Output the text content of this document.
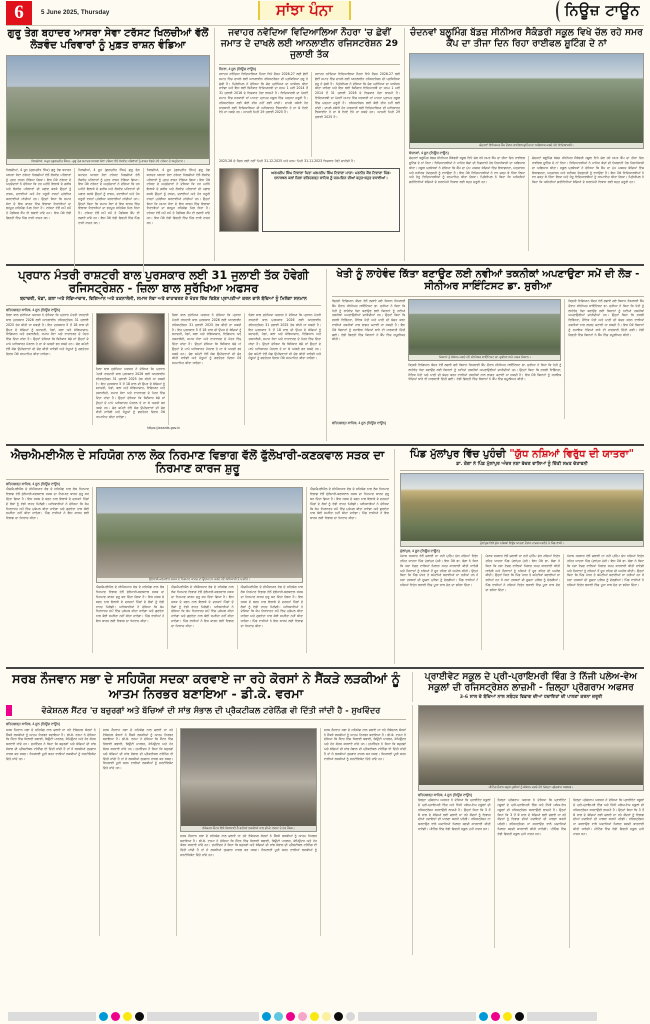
6	5 June 2025, Thursday	ਸਾਂਝਾ ਪੰਨਾ	ਨਿਊਜ਼ ਟਾਊਨ
ਗੁਰੂ ਤੇਗ ਬਹਾਦਰ ਆਸਰਾ ਸੇਵਾ ਟਰੱਸਟ ਖਿਲਚੀਆਂ ਵੱਲੋਂ ਲੋੜਵੰਦ ਪਰਿਵਾਰਾਂ ਨੂੰ ਮੁਫ਼ਤ ਰਾਸ਼ਨ ਵੰਡਿਆ
ਖਿਲਚੀਆਂ, 4 ਜੂਨ (ਗੁਰਪ੍ਰੀਤ ਸਿੰਘ) - ਗੁਰੂ ਤੇਗ ਬਹਾਦਰ ਆਸਰਾ ਸੇਵਾ ਟਰੱਸਟ ਵੱਲੋਂ ਲੋੜਵੰਦ ਪਰਿਵਾਰਾਂ ਨੂੰ ਰਾਸ਼ਨ ਵੰਡਦੇ ਹੋਏ ਟਰੱਸਟ ਦੇ ਅਹੁਦੇਦਾਰ।
ਖਿਲਚੀਆਂ, 4 ਜੂਨ (ਗੁਰਪ੍ਰੀਤ ਸਿੰਘ) ਗੁਰੂ ਤੇਗ ਬਹਾਦਰ ਆਸਰਾ ਸੇਵਾ ਟਰੱਸਟ ਖਿਲਚੀਆਂ ਵੱਲੋਂ ਲੋੜਵੰਦ ਪਰਿਵਾਰਾਂ ਨੂੰ ਮੁਫ਼ਤ ਰਾਸ਼ਨ ਵੰਡਿਆ ਗਿਆ। ਇਸ ਮੌਕੇ ਟਰੱਸਟ ਦੇ ਅਹੁਦੇਦਾਰਾਂ ਨੇ ਦੱਸਿਆ ਕਿ ਹਰ ਮਹੀਨੇ ਇਲਾਕੇ ਦੇ ਗਰੀਬ ਅਤੇ ਲੋੜਵੰਦ ਪਰਿਵਾਰਾਂ ਦੀ ਪਛਾਣ ਕਰਕੇ ਉਨ੍ਹਾਂ ਨੂੰ ਰਾਸ਼ਨ, ਦਵਾਈਆਂ ਅਤੇ ਹੋਰ ਜਰੂਰੀ ਵਸਤਾਂ ਮੁਹੱਈਆ ਕਰਵਾਈਆਂ ਜਾਂਦੀਆਂ ਹਨ। ਉਨ੍ਹਾਂ ਕਿਹਾ ਕਿ ਸਮਾਜ ਸੇਵਾ ਦੇ ਇਸ ਕਾਰਜ ਵਿੱਚ ਇਲਾਕਾ ਨਿਵਾਸੀਆਂ ਦਾ ਭਰਪੂਰ ਸਹਿਯੋਗ ਮਿਲ ਰਿਹਾ ਹੈ। ਟਰੱਸਟ ਵੱਲੋਂ ਸਮੇਂ ਸਮੇਂ ਤੇ ਮੈਡੀਕਲ ਕੈਂਪ ਵੀ ਲਗਾਏ ਜਾਂਦੇ ਹਨ। ਇਸ ਮੌਕੇ ਵੱਡੀ ਗਿਣਤੀ ਵਿੱਚ ਪਿੰਡ ਵਾਸੀ ਹਾਜ਼ਰ ਸਨ।
ਖਿਲਚੀਆਂ, 4 ਜੂਨ (ਗੁਰਪ੍ਰੀਤ ਸਿੰਘ) ਗੁਰੂ ਤੇਗ ਬਹਾਦਰ ਆਸਰਾ ਸੇਵਾ ਟਰੱਸਟ ਖਿਲਚੀਆਂ ਵੱਲੋਂ ਲੋੜਵੰਦ ਪਰਿਵਾਰਾਂ ਨੂੰ ਮੁਫ਼ਤ ਰਾਸ਼ਨ ਵੰਡਿਆ ਗਿਆ। ਇਸ ਮੌਕੇ ਟਰੱਸਟ ਦੇ ਅਹੁਦੇਦਾਰਾਂ ਨੇ ਦੱਸਿਆ ਕਿ ਹਰ ਮਹੀਨੇ ਇਲਾਕੇ ਦੇ ਗਰੀਬ ਅਤੇ ਲੋੜਵੰਦ ਪਰਿਵਾਰਾਂ ਦੀ ਪਛਾਣ ਕਰਕੇ ਉਨ੍ਹਾਂ ਨੂੰ ਰਾਸ਼ਨ, ਦਵਾਈਆਂ ਅਤੇ ਹੋਰ ਜਰੂਰੀ ਵਸਤਾਂ ਮੁਹੱਈਆ ਕਰਵਾਈਆਂ ਜਾਂਦੀਆਂ ਹਨ। ਉਨ੍ਹਾਂ ਕਿਹਾ ਕਿ ਸਮਾਜ ਸੇਵਾ ਦੇ ਇਸ ਕਾਰਜ ਵਿੱਚ ਇਲਾਕਾ ਨਿਵਾਸੀਆਂ ਦਾ ਭਰਪੂਰ ਸਹਿਯੋਗ ਮਿਲ ਰਿਹਾ ਹੈ। ਟਰੱਸਟ ਵੱਲੋਂ ਸਮੇਂ ਸਮੇਂ ਤੇ ਮੈਡੀਕਲ ਕੈਂਪ ਵੀ ਲਗਾਏ ਜਾਂਦੇ ਹਨ। ਇਸ ਮੌਕੇ ਵੱਡੀ ਗਿਣਤੀ ਵਿੱਚ ਪਿੰਡ ਵਾਸੀ ਹਾਜ਼ਰ ਸਨ।
ਖਿਲਚੀਆਂ, 4 ਜੂਨ (ਗੁਰਪ੍ਰੀਤ ਸਿੰਘ) ਗੁਰੂ ਤੇਗ ਬਹਾਦਰ ਆਸਰਾ ਸੇਵਾ ਟਰੱਸਟ ਖਿਲਚੀਆਂ ਵੱਲੋਂ ਲੋੜਵੰਦ ਪਰਿਵਾਰਾਂ ਨੂੰ ਮੁਫ਼ਤ ਰਾਸ਼ਨ ਵੰਡਿਆ ਗਿਆ। ਇਸ ਮੌਕੇ ਟਰੱਸਟ ਦੇ ਅਹੁਦੇਦਾਰਾਂ ਨੇ ਦੱਸਿਆ ਕਿ ਹਰ ਮਹੀਨੇ ਇਲਾਕੇ ਦੇ ਗਰੀਬ ਅਤੇ ਲੋੜਵੰਦ ਪਰਿਵਾਰਾਂ ਦੀ ਪਛਾਣ ਕਰਕੇ ਉਨ੍ਹਾਂ ਨੂੰ ਰਾਸ਼ਨ, ਦਵਾਈਆਂ ਅਤੇ ਹੋਰ ਜਰੂਰੀ ਵਸਤਾਂ ਮੁਹੱਈਆ ਕਰਵਾਈਆਂ ਜਾਂਦੀਆਂ ਹਨ। ਉਨ੍ਹਾਂ ਕਿਹਾ ਕਿ ਸਮਾਜ ਸੇਵਾ ਦੇ ਇਸ ਕਾਰਜ ਵਿੱਚ ਇਲਾਕਾ ਨਿਵਾਸੀਆਂ ਦਾ ਭਰਪੂਰ ਸਹਿਯੋਗ ਮਿਲ ਰਿਹਾ ਹੈ। ਟਰੱਸਟ ਵੱਲੋਂ ਸਮੇਂ ਸਮੇਂ ਤੇ ਮੈਡੀਕਲ ਕੈਂਪ ਵੀ ਲਗਾਏ ਜਾਂਦੇ ਹਨ। ਇਸ ਮੌਕੇ ਵੱਡੀ ਗਿਣਤੀ ਵਿੱਚ ਪਿੰਡ ਵਾਸੀ ਹਾਜ਼ਰ ਸਨ।
ਜਵਾਹਰ ਨਵੋਦਿਆ ਵਿਦਿਆਲਿਆ ਨੌਹਰਾ 'ਚ ਛੇਵੀਂ ਜਮਾਤ ਦੇ ਦਾਖਲੇ ਲਈ ਆਨਲਾਈਨ ਰਜਿਸਟਰੇਸ਼ਨ 29 ਜੁਲਾਈ ਤੱਕ
ਨੌਹਰਾ, 4 ਜੂਨ (ਨਿਊਜ਼ ਟਾਊਨ)
ਜਵਾਹਰ ਨਵੋਦਿਆ ਵਿਦਿਆਲਿਆ ਨੌਹਰਾ ਵਿਖੇ ਸੈਸ਼ਨ 2026-27 ਲਈ ਛੇਵੀਂ ਜਮਾਤ ਵਿੱਚ ਦਾਖਲੇ ਲਈ ਆਨਲਾਈਨ ਰਜਿਸਟਰੇਸ਼ਨ ਦੀ ਪ੍ਰਕਿਰਿਆ ਸ਼ੁਰੂ ਹੋ ਚੁੱਕੀ ਹੈ। ਪ੍ਰਿੰਸੀਪਲ ਨੇ ਦੱਸਿਆ ਕਿ ਚੋਣ ਪ੍ਰੀਖਿਆ ਦਾ ਆਯੋਜਨ ਕੀਤਾ ਜਾਵੇਗਾ ਅਤੇ ਇਸ ਲਈ ਬਿਨੈਕਾਰ ਵਿਦਿਆਰਥੀ ਦਾ ਜਨਮ 1 ਮਈ 2014 ਤੋਂ 31 ਜੁਲਾਈ 2016 ਦੇ ਵਿਚਕਾਰ ਹੋਣਾ ਲਾਜ਼ਮੀ ਹੈ। ਵਿਦਿਆਰਥੀ ਦਾ ਪੰਜਵੀਂ ਜਮਾਤ ਵਿੱਚ ਸਰਕਾਰੀ ਜਾਂ ਮਾਨਤਾ ਪ੍ਰਾਪਤ ਸਕੂਲ ਵਿੱਚ ਪੜ੍ਹਨਾ ਜ਼ਰੂਰੀ ਹੈ। ਰਜਿਸਟਰੇਸ਼ਨ ਲਈ ਕੋਈ ਫੀਸ ਨਹੀਂ ਲਈ ਜਾਂਦੀ। ਦਾਖਲੇ ਸਬੰਧੀ ਹੋਰ ਜਾਣਕਾਰੀ ਲਈ ਵਿਦਿਆਲਿਆ ਦੀ ਅਧਿਕਾਰਤ ਵੈੱਬਸਾਈਟ ਤੇ ਜਾ ਕੇ ਵੇਰਵੇ ਵੇਖੇ ਜਾ ਸਕਦੇ ਹਨ। ਆਖ਼ਰੀ ਮਿਤੀ 29 ਜੁਲਾਈ 2025 ਹੈ।
ਜਵਾਹਰ ਨਵੋਦਿਆ ਵਿਦਿਆਲਿਆ ਨੌਹਰਾ ਵਿਖੇ ਸੈਸ਼ਨ 2026-27 ਲਈ ਛੇਵੀਂ ਜਮਾਤ ਵਿੱਚ ਦਾਖਲੇ ਲਈ ਆਨਲਾਈਨ ਰਜਿਸਟਰੇਸ਼ਨ ਦੀ ਪ੍ਰਕਿਰਿਆ ਸ਼ੁਰੂ ਹੋ ਚੁੱਕੀ ਹੈ। ਪ੍ਰਿੰਸੀਪਲ ਨੇ ਦੱਸਿਆ ਕਿ ਚੋਣ ਪ੍ਰੀਖਿਆ ਦਾ ਆਯੋਜਨ ਕੀਤਾ ਜਾਵੇਗਾ ਅਤੇ ਇਸ ਲਈ ਬਿਨੈਕਾਰ ਵਿਦਿਆਰਥੀ ਦਾ ਜਨਮ 1 ਮਈ 2014 ਤੋਂ 31 ਜੁਲਾਈ 2016 ਦੇ ਵਿਚਕਾਰ ਹੋਣਾ ਲਾਜ਼ਮੀ ਹੈ। ਵਿਦਿਆਰਥੀ ਦਾ ਪੰਜਵੀਂ ਜਮਾਤ ਵਿੱਚ ਸਰਕਾਰੀ ਜਾਂ ਮਾਨਤਾ ਪ੍ਰਾਪਤ ਸਕੂਲ ਵਿੱਚ ਪੜ੍ਹਨਾ ਜ਼ਰੂਰੀ ਹੈ। ਰਜਿਸਟਰੇਸ਼ਨ ਲਈ ਕੋਈ ਫੀਸ ਨਹੀਂ ਲਈ ਜਾਂਦੀ। ਦਾਖਲੇ ਸਬੰਧੀ ਹੋਰ ਜਾਣਕਾਰੀ ਲਈ ਵਿਦਿਆਲਿਆ ਦੀ ਅਧਿਕਾਰਤ ਵੈੱਬਸਾਈਟ ਤੇ ਜਾ ਕੇ ਵੇਰਵੇ ਵੇਖੇ ਜਾ ਸਕਦੇ ਹਨ। ਆਖ਼ਰੀ ਮਿਤੀ 29 ਜੁਲਾਈ 2025 ਹੈ।
2025-26 ਦੇ ਸੈਸ਼ਨ ਲਈ ਨਵੀਂ ਮਿਤੀ 31.12.2025 ਅਤੇ ਜਨਮ ਮਿਤੀ 31.11.2023 ਵਿਚਕਾਰ ਹੋਣੀ ਚਾਹੀਦੀ ਹੈ।
ਅਰਮਦੀਪ ਸਿੰਘ ਟਿਵਾਣਾ ਪਿਤਾ ਪਰਮਦੀਪ ਸਿੰਘ ਟਿਵਾਣਾ ਮਾਤਾ: ਪਰਨੀਤ ਕੌਰ ਟਿਵਾਣਾ ਪਿੰਡ: ਚਨਾਰਥਲ ਕਲਾਂ ਜ਼ਿਲਾ ਫਤਿਹਗੜ੍ਹ ਸਾਹਿਬ ਨੂੰ ਜਨਮਦਿਨ ਦੀਆਂ ਬਹੁਤ-ਬਹੁਤ ਵਧਾਈਆਂ।
ਚੰਦਨਵਾਂ ਬਲੂਮਿੰਗ ਬੱਡਜ਼ ਸੀਨੀਅਰ ਸੈਕੰਡਰੀ ਸਕੂਲ ਵਿਖੇ ਚੱਲ ਰਹੇ ਸਮਰ ਕੈਂਪ ਦਾ ਤੀਜਾ ਦਿਨ ਰਿਹਾ ਰਾਈਫਲ ਸ਼ੂਟਿੰਗ ਦੇ ਨਾਂ
ਚੰਦਨਵਾਂ ਵਿਖੇ ਸਮਰ ਕੈਂਪ ਦੌਰਾਨ ਰਾਈਫਲ ਸ਼ੂਟਿੰਗ ਦਾ ਅਭਿਆਸ ਕਰਦੇ ਹੋਏ ਵਿਦਿਆਰਥੀ।
ਚੰਦਨਵਾਂ, 4 ਜੂਨ (ਨਿਊਜ਼ ਟਾਊਨ)
ਚੰਦਨਵਾਂ ਬਲੂਮਿੰਗ ਬੱਡਜ਼ ਸੀਨੀਅਰ ਸੈਕੰਡਰੀ ਸਕੂਲ ਵਿਖੇ ਚੱਲ ਰਹੇ ਸਮਰ ਕੈਂਪ ਦਾ ਤੀਜਾ ਦਿਨ ਰਾਈਫਲ ਸ਼ੂਟਿੰਗ ਦੇ ਨਾਂ ਰਿਹਾ। ਵਿਦਿਆਰਥੀਆਂ ਨੇ ਮਾਹਿਰ ਕੋਚਾਂ ਦੀ ਨਿਗਰਾਨੀ ਹੇਠ ਨਿਸ਼ਾਨੇਬਾਜ਼ੀ ਦਾ ਅਭਿਆਸ ਕੀਤਾ। ਸਕੂਲ ਪ੍ਰਬੰਧਕਾਂ ਨੇ ਦੱਸਿਆ ਕਿ ਕੈਂਪ ਦਾ ਮੁੱਖ ਮਕਸਦ ਬੱਚਿਆਂ ਵਿੱਚ ਇਕਾਗਰਤਾ, ਅਨੁਸ਼ਾਸਨ ਅਤੇ ਸਰੀਰਕ ਤੰਦਰੁਸਤੀ ਨੂੰ ਵਧਾਉਣਾ ਹੈ। ਇਸ ਮੌਕੇ ਵਿਦਿਆਰਥੀਆਂ ਨੇ ਵਧ ਚੜ੍ਹ ਕੇ ਹਿੱਸਾ ਲਿਆ ਅਤੇ ਜੇਤੂ ਵਿਦਿਆਰਥੀਆਂ ਨੂੰ ਸਨਮਾਨਿਤ ਕੀਤਾ ਗਿਆ। ਪ੍ਰਿੰਸੀਪਲ ਨੇ ਕਿਹਾ ਕਿ ਅਜਿਹੀਆਂ ਗਤੀਵਿਧੀਆਂ ਬੱਚਿਆਂ ਦੇ ਸਰਵਪੱਖੀ ਵਿਕਾਸ ਲਈ ਬਹੁਤ ਜ਼ਰੂਰੀ ਹਨ।
ਚੰਦਨਵਾਂ ਬਲੂਮਿੰਗ ਬੱਡਜ਼ ਸੀਨੀਅਰ ਸੈਕੰਡਰੀ ਸਕੂਲ ਵਿਖੇ ਚੱਲ ਰਹੇ ਸਮਰ ਕੈਂਪ ਦਾ ਤੀਜਾ ਦਿਨ ਰਾਈਫਲ ਸ਼ੂਟਿੰਗ ਦੇ ਨਾਂ ਰਿਹਾ। ਵਿਦਿਆਰਥੀਆਂ ਨੇ ਮਾਹਿਰ ਕੋਚਾਂ ਦੀ ਨਿਗਰਾਨੀ ਹੇਠ ਨਿਸ਼ਾਨੇਬਾਜ਼ੀ ਦਾ ਅਭਿਆਸ ਕੀਤਾ। ਸਕੂਲ ਪ੍ਰਬੰਧਕਾਂ ਨੇ ਦੱਸਿਆ ਕਿ ਕੈਂਪ ਦਾ ਮੁੱਖ ਮਕਸਦ ਬੱਚਿਆਂ ਵਿੱਚ ਇਕਾਗਰਤਾ, ਅਨੁਸ਼ਾਸਨ ਅਤੇ ਸਰੀਰਕ ਤੰਦਰੁਸਤੀ ਨੂੰ ਵਧਾਉਣਾ ਹੈ। ਇਸ ਮੌਕੇ ਵਿਦਿਆਰਥੀਆਂ ਨੇ ਵਧ ਚੜ੍ਹ ਕੇ ਹਿੱਸਾ ਲਿਆ ਅਤੇ ਜੇਤੂ ਵਿਦਿਆਰਥੀਆਂ ਨੂੰ ਸਨਮਾਨਿਤ ਕੀਤਾ ਗਿਆ। ਪ੍ਰਿੰਸੀਪਲ ਨੇ ਕਿਹਾ ਕਿ ਅਜਿਹੀਆਂ ਗਤੀਵਿਧੀਆਂ ਬੱਚਿਆਂ ਦੇ ਸਰਵਪੱਖੀ ਵਿਕਾਸ ਲਈ ਬਹੁਤ ਜ਼ਰੂਰੀ ਹਨ।
ਪ੍ਰਧਾਨ ਮੰਤਰੀ ਰਾਸ਼ਟਰੀ ਬਾਲ ਪੁਰਸਕਾਰ ਲਈ 31 ਜੁਲਾਈ ਤੱਕ ਹੋਵੇਗੀ ਰਜਿਸਟ੍ਰੇਸ਼ਨ - ਜ਼ਿਲਾ ਬਾਲ ਸੁਰੱਖਿਆ ਅਫਸਰ
ਬਹਾਦਰੀ, ਖੇਡਾਂ, ਕਲਾ ਅਤੇ ਸੱਭਿਆਚਾਰ, ਵਿਗਿਆਨ ਅਤੇ ਤਕਨਾਲੋਜੀ, ਸਮਾਜ ਸੇਵਾ ਅਤੇ ਵਾਤਾਵਰਣ ਦੇ ਖੇਤਰ ਵਿੱਚ ਵਿਸ਼ੇਸ਼ ਪ੍ਰਾਪਤੀਆਂ ਕਰਨ ਵਾਲੇ ਬੱਚਿਆਂ ਨੂੰ ਮਿਲੇਗਾ ਸਨਮਾਨ
ਫਤਿਹਗੜ੍ਹ ਸਾਹਿਬ, 4 ਜੂਨ (ਨਿਊਜ਼ ਟਾਊਨ)
ਜ਼ਿਲਾ ਬਾਲ ਸੁਰੱਖਿਆ ਅਫਸਰ ਨੇ ਦੱਸਿਆ ਕਿ ਪ੍ਰਧਾਨ ਮੰਤਰੀ ਰਾਸ਼ਟਰੀ ਬਾਲ ਪੁਰਸਕਾਰ 2026 ਲਈ ਆਨਲਾਈਨ ਰਜਿਸਟ੍ਰੇਸ਼ਨ 31 ਜੁਲਾਈ 2025 ਤੱਕ ਕੀਤੀ ਜਾ ਸਕਦੀ ਹੈ। ਇਹ ਪੁਰਸਕਾਰ 5 ਤੋਂ 18 ਸਾਲ ਦੀ ਉਮਰ ਦੇ ਬੱਚਿਆਂ ਨੂੰ ਬਹਾਦਰੀ, ਖੇਡਾਂ, ਕਲਾ ਅਤੇ ਸੱਭਿਆਚਾਰ, ਵਿਗਿਆਨ ਅਤੇ ਤਕਨਾਲੋਜੀ, ਸਮਾਜ ਸੇਵਾ ਅਤੇ ਵਾਤਾਵਰਣ ਦੇ ਖੇਤਰ ਵਿੱਚ ਦਿੱਤਾ ਜਾਂਦਾ ਹੈ। ਉਨ੍ਹਾਂ ਦੱਸਿਆ ਕਿ ਬਿਨੈਕਾਰ ਬੱਚੇ ਜਾਂ ਉਨ੍ਹਾਂ ਦੇ ਮਾਪੇ ਅਧਿਕਾਰਤ ਪੋਰਟਲ ਤੇ ਜਾ ਕੇ ਅਰਜ਼ੀ ਭਰ ਸਕਦੇ ਹਨ। ਚੋਣ ਕਮੇਟੀ ਵੱਲੋਂ ਯੋਗ ਉਮੀਦਵਾਰਾਂ ਦੀ ਚੋਣ ਕੀਤੀ ਜਾਵੇਗੀ ਅਤੇ ਜੇਤੂਆਂ ਨੂੰ ਗਣਤੰਤਰ ਦਿਵਸ ਮੌਕੇ ਸਨਮਾਨਿਤ ਕੀਤਾ ਜਾਵੇਗਾ।
ਜ਼ਿਲਾ ਬਾਲ ਸੁਰੱਖਿਆ ਅਫਸਰ ਨੇ ਦੱਸਿਆ ਕਿ ਪ੍ਰਧਾਨ ਮੰਤਰੀ ਰਾਸ਼ਟਰੀ ਬਾਲ ਪੁਰਸਕਾਰ 2026 ਲਈ ਆਨਲਾਈਨ ਰਜਿਸਟ੍ਰੇਸ਼ਨ 31 ਜੁਲਾਈ 2025 ਤੱਕ ਕੀਤੀ ਜਾ ਸਕਦੀ ਹੈ। ਇਹ ਪੁਰਸਕਾਰ 5 ਤੋਂ 18 ਸਾਲ ਦੀ ਉਮਰ ਦੇ ਬੱਚਿਆਂ ਨੂੰ ਬਹਾਦਰੀ, ਖੇਡਾਂ, ਕਲਾ ਅਤੇ ਸੱਭਿਆਚਾਰ, ਵਿਗਿਆਨ ਅਤੇ ਤਕਨਾਲੋਜੀ, ਸਮਾਜ ਸੇਵਾ ਅਤੇ ਵਾਤਾਵਰਣ ਦੇ ਖੇਤਰ ਵਿੱਚ ਦਿੱਤਾ ਜਾਂਦਾ ਹੈ। ਉਨ੍ਹਾਂ ਦੱਸਿਆ ਕਿ ਬਿਨੈਕਾਰ ਬੱਚੇ ਜਾਂ ਉਨ੍ਹਾਂ ਦੇ ਮਾਪੇ ਅਧਿਕਾਰਤ ਪੋਰਟਲ ਤੇ ਜਾ ਕੇ ਅਰਜ਼ੀ ਭਰ ਸਕਦੇ ਹਨ। ਚੋਣ ਕਮੇਟੀ ਵੱਲੋਂ ਯੋਗ ਉਮੀਦਵਾਰਾਂ ਦੀ ਚੋਣ ਕੀਤੀ ਜਾਵੇਗੀ ਅਤੇ ਜੇਤੂਆਂ ਨੂੰ ਗਣਤੰਤਰ ਦਿਵਸ ਮੌਕੇ ਸਨਮਾਨਿਤ ਕੀਤਾ ਜਾਵੇਗਾ।
ਜ਼ਿਲਾ ਬਾਲ ਸੁਰੱਖਿਆ ਅਫਸਰ ਨੇ ਦੱਸਿਆ ਕਿ ਪ੍ਰਧਾਨ ਮੰਤਰੀ ਰਾਸ਼ਟਰੀ ਬਾਲ ਪੁਰਸਕਾਰ 2026 ਲਈ ਆਨਲਾਈਨ ਰਜਿਸਟ੍ਰੇਸ਼ਨ 31 ਜੁਲਾਈ 2025 ਤੱਕ ਕੀਤੀ ਜਾ ਸਕਦੀ ਹੈ। ਇਹ ਪੁਰਸਕਾਰ 5 ਤੋਂ 18 ਸਾਲ ਦੀ ਉਮਰ ਦੇ ਬੱਚਿਆਂ ਨੂੰ ਬਹਾਦਰੀ, ਖੇਡਾਂ, ਕਲਾ ਅਤੇ ਸੱਭਿਆਚਾਰ, ਵਿਗਿਆਨ ਅਤੇ ਤਕਨਾਲੋਜੀ, ਸਮਾਜ ਸੇਵਾ ਅਤੇ ਵਾਤਾਵਰਣ ਦੇ ਖੇਤਰ ਵਿੱਚ ਦਿੱਤਾ ਜਾਂਦਾ ਹੈ। ਉਨ੍ਹਾਂ ਦੱਸਿਆ ਕਿ ਬਿਨੈਕਾਰ ਬੱਚੇ ਜਾਂ ਉਨ੍ਹਾਂ ਦੇ ਮਾਪੇ ਅਧਿਕਾਰਤ ਪੋਰਟਲ ਤੇ ਜਾ ਕੇ ਅਰਜ਼ੀ ਭਰ ਸਕਦੇ ਹਨ। ਚੋਣ ਕਮੇਟੀ ਵੱਲੋਂ ਯੋਗ ਉਮੀਦਵਾਰਾਂ ਦੀ ਚੋਣ ਕੀਤੀ ਜਾਵੇਗੀ ਅਤੇ ਜੇਤੂਆਂ ਨੂੰ ਗਣਤੰਤਰ ਦਿਵਸ ਮੌਕੇ ਸਨਮਾਨਿਤ ਕੀਤਾ ਜਾਵੇਗਾ।
ਜ਼ਿਲਾ ਬਾਲ ਸੁਰੱਖਿਆ ਅਫਸਰ ਨੇ ਦੱਸਿਆ ਕਿ ਪ੍ਰਧਾਨ ਮੰਤਰੀ ਰਾਸ਼ਟਰੀ ਬਾਲ ਪੁਰਸਕਾਰ 2026 ਲਈ ਆਨਲਾਈਨ ਰਜਿਸਟ੍ਰੇਸ਼ਨ 31 ਜੁਲਾਈ 2025 ਤੱਕ ਕੀਤੀ ਜਾ ਸਕਦੀ ਹੈ। ਇਹ ਪੁਰਸਕਾਰ 5 ਤੋਂ 18 ਸਾਲ ਦੀ ਉਮਰ ਦੇ ਬੱਚਿਆਂ ਨੂੰ ਬਹਾਦਰੀ, ਖੇਡਾਂ, ਕਲਾ ਅਤੇ ਸੱਭਿਆਚਾਰ, ਵਿਗਿਆਨ ਅਤੇ ਤਕਨਾਲੋਜੀ, ਸਮਾਜ ਸੇਵਾ ਅਤੇ ਵਾਤਾਵਰਣ ਦੇ ਖੇਤਰ ਵਿੱਚ ਦਿੱਤਾ ਜਾਂਦਾ ਹੈ। ਉਨ੍ਹਾਂ ਦੱਸਿਆ ਕਿ ਬਿਨੈਕਾਰ ਬੱਚੇ ਜਾਂ ਉਨ੍ਹਾਂ ਦੇ ਮਾਪੇ ਅਧਿਕਾਰਤ ਪੋਰਟਲ ਤੇ ਜਾ ਕੇ ਅਰਜ਼ੀ ਭਰ ਸਕਦੇ ਹਨ। ਚੋਣ ਕਮੇਟੀ ਵੱਲੋਂ ਯੋਗ ਉਮੀਦਵਾਰਾਂ ਦੀ ਚੋਣ ਕੀਤੀ ਜਾਵੇਗੀ ਅਤੇ ਜੇਤੂਆਂ ਨੂੰ ਗਣਤੰਤਰ ਦਿਵਸ ਮੌਕੇ ਸਨਮਾਨਿਤ ਕੀਤਾ ਜਾਵੇਗਾ।
https://awards.gov.in
ਖੇਤੀ ਨੂੰ ਲਾਹੇਵੰਦ ਕਿੱਤਾ ਬਣਾਉਣ ਲਈ ਨਵੀਆਂ ਤਕਨੀਕਾਂ ਅਪਣਾਉਣਾ ਸਮੇਂ ਦੀ ਲੋੜ - ਸੀਨੀਅਰ ਸਾਇੰਟਿਸਟ ਡਾ. ਸੁਰੀਆ
ਕ੍ਰਿਸ਼ੀ ਵਿਗਿਆਨ ਕੇਂਦਰ ਵੱਲੋਂ ਲਗਾਏ ਗਏ ਕਿਸਾਨ ਸਿਖਲਾਈ ਕੈਂਪ ਦੌਰਾਨ ਸੀਨੀਅਰ ਸਾਇੰਟਿਸਟ ਡਾ. ਸੁਰੀਆ ਨੇ ਕਿਹਾ ਕਿ ਖੇਤੀ ਨੂੰ ਲਾਹੇਵੰਦ ਧੰਦਾ ਬਣਾਉਣ ਲਈ ਕਿਸਾਨਾਂ ਨੂੰ ਨਵੀਆਂ ਤਕਨੀਕਾਂ ਅਪਣਾਉਣੀਆਂ ਚਾਹੀਦੀਆਂ ਹਨ। ਉਨ੍ਹਾਂ ਕਿਹਾ ਕਿ ਫ਼ਸਲੀ ਵਿਭਿੰਨਤਾ, ਜੈਵਿਕ ਖੇਤੀ ਅਤੇ ਪਾਣੀ ਦੀ ਬੱਚਤ ਕਰਨ ਵਾਲੀਆਂ ਤਕਨੀਕਾਂ ਨਾਲ ਲਾਗਤ ਘਟਾਈ ਜਾ ਸਕਦੀ ਹੈ। ਇਸ ਮੌਕੇ ਕਿਸਾਨਾਂ ਨੂੰ ਸਹਾਇਕ ਧੰਦਿਆਂ ਬਾਰੇ ਵੀ ਜਾਣਕਾਰੀ ਦਿੱਤੀ ਗਈ। ਵੱਡੀ ਗਿਣਤੀ ਵਿੱਚ ਕਿਸਾਨਾਂ ਨੇ ਕੈਂਪ ਵਿੱਚ ਸ਼ਮੂਲੀਅਤ ਕੀਤੀ।
ਕਿਸਾਨਾਂ ਨੂੰ ਸੰਬੋਧਨ ਕਰਦੇ ਹੋਏ ਸੀਨੀਅਰ ਸਾਇੰਟਿਸਟ ਡਾ. ਸੁਰੀਆ ਅਤੇ ਹਾਜ਼ਰ ਕਿਸਾਨ।
ਕ੍ਰਿਸ਼ੀ ਵਿਗਿਆਨ ਕੇਂਦਰ ਵੱਲੋਂ ਲਗਾਏ ਗਏ ਕਿਸਾਨ ਸਿਖਲਾਈ ਕੈਂਪ ਦੌਰਾਨ ਸੀਨੀਅਰ ਸਾਇੰਟਿਸਟ ਡਾ. ਸੁਰੀਆ ਨੇ ਕਿਹਾ ਕਿ ਖੇਤੀ ਨੂੰ ਲਾਹੇਵੰਦ ਧੰਦਾ ਬਣਾਉਣ ਲਈ ਕਿਸਾਨਾਂ ਨੂੰ ਨਵੀਆਂ ਤਕਨੀਕਾਂ ਅਪਣਾਉਣੀਆਂ ਚਾਹੀਦੀਆਂ ਹਨ। ਉਨ੍ਹਾਂ ਕਿਹਾ ਕਿ ਫ਼ਸਲੀ ਵਿਭਿੰਨਤਾ, ਜੈਵਿਕ ਖੇਤੀ ਅਤੇ ਪਾਣੀ ਦੀ ਬੱਚਤ ਕਰਨ ਵਾਲੀਆਂ ਤਕਨੀਕਾਂ ਨਾਲ ਲਾਗਤ ਘਟਾਈ ਜਾ ਸਕਦੀ ਹੈ। ਇਸ ਮੌਕੇ ਕਿਸਾਨਾਂ ਨੂੰ ਸਹਾਇਕ ਧੰਦਿਆਂ ਬਾਰੇ ਵੀ ਜਾਣਕਾਰੀ ਦਿੱਤੀ ਗਈ। ਵੱਡੀ ਗਿਣਤੀ ਵਿੱਚ ਕਿਸਾਨਾਂ ਨੇ ਕੈਂਪ ਵਿੱਚ ਸ਼ਮੂਲੀਅਤ ਕੀਤੀ।
ਕ੍ਰਿਸ਼ੀ ਵਿਗਿਆਨ ਕੇਂਦਰ ਵੱਲੋਂ ਲਗਾਏ ਗਏ ਕਿਸਾਨ ਸਿਖਲਾਈ ਕੈਂਪ ਦੌਰਾਨ ਸੀਨੀਅਰ ਸਾਇੰਟਿਸਟ ਡਾ. ਸੁਰੀਆ ਨੇ ਕਿਹਾ ਕਿ ਖੇਤੀ ਨੂੰ ਲਾਹੇਵੰਦ ਧੰਦਾ ਬਣਾਉਣ ਲਈ ਕਿਸਾਨਾਂ ਨੂੰ ਨਵੀਆਂ ਤਕਨੀਕਾਂ ਅਪਣਾਉਣੀਆਂ ਚਾਹੀਦੀਆਂ ਹਨ। ਉਨ੍ਹਾਂ ਕਿਹਾ ਕਿ ਫ਼ਸਲੀ ਵਿਭਿੰਨਤਾ, ਜੈਵਿਕ ਖੇਤੀ ਅਤੇ ਪਾਣੀ ਦੀ ਬੱਚਤ ਕਰਨ ਵਾਲੀਆਂ ਤਕਨੀਕਾਂ ਨਾਲ ਲਾਗਤ ਘਟਾਈ ਜਾ ਸਕਦੀ ਹੈ। ਇਸ ਮੌਕੇ ਕਿਸਾਨਾਂ ਨੂੰ ਸਹਾਇਕ ਧੰਦਿਆਂ ਬਾਰੇ ਵੀ ਜਾਣਕਾਰੀ ਦਿੱਤੀ ਗਈ। ਵੱਡੀ ਗਿਣਤੀ ਵਿੱਚ ਕਿਸਾਨਾਂ ਨੇ ਕੈਂਪ ਵਿੱਚ ਸ਼ਮੂਲੀਅਤ ਕੀਤੀ।
ਫਤਿਹਗੜ੍ਹ ਸਾਹਿਬ, 4 ਜੂਨ (ਨਿਊਜ਼ ਟਾਊਨ)
ਐਚਐਮਈਐਲ ਦੇ ਸਹਿਯੋਗ ਨਾਲ ਲੋਕ ਨਿਰਮਾਣ ਵਿਭਾਗ ਵੱਲੋਂ ਫੁੱਲੋਖਾਰੀ-ਕਣਕਵਾਲ ਸੜਕ ਦਾ ਨਿਰਮਾਣ ਕਾਰਜ ਸ਼ੁਰੂ
ਫਤਿਹਗੜ੍ਹ ਸਾਹਿਬ, 4 ਜੂਨ (ਨਿਊਜ਼ ਟਾਊਨ)
ਐਚਐਮਈਐਲ ਦੇ ਸੀਐਸਆਰ ਫੰਡ ਦੇ ਸਹਿਯੋਗ ਨਾਲ ਲੋਕ ਨਿਰਮਾਣ ਵਿਭਾਗ ਵੱਲੋਂ ਫੁੱਲੋਖਾਰੀ-ਕਣਕਵਾਲ ਸੜਕ ਦਾ ਨਿਰਮਾਣ ਕਾਰਜ ਸ਼ੁਰੂ ਕਰ ਦਿੱਤਾ ਗਿਆ ਹੈ। ਇਸ ਸੜਕ ਦੇ ਬਣਨ ਨਾਲ ਇਲਾਕੇ ਦੇ ਦਰਜਨਾਂ ਪਿੰਡਾਂ ਦੇ ਲੋਕਾਂ ਨੂੰ ਵੱਡੀ ਰਾਹਤ ਮਿਲੇਗੀ। ਅਧਿਕਾਰੀਆਂ ਨੇ ਦੱਸਿਆ ਕਿ ਕੰਮ ਨਿਰਧਾਰਤ ਸਮੇਂ ਵਿੱਚ ਮੁਕੰਮਲ ਕੀਤਾ ਜਾਵੇਗਾ ਅਤੇ ਗੁਣਵੱਤਾ ਨਾਲ ਕੋਈ ਸਮਝੌਤਾ ਨਹੀਂ ਕੀਤਾ ਜਾਵੇਗਾ। ਪਿੰਡ ਵਾਸੀਆਂ ਨੇ ਇਸ ਕਾਰਜ ਲਈ ਵਿਭਾਗ ਦਾ ਧੰਨਵਾਦ ਕੀਤਾ।
ਫੁੱਲੋਖਾਰੀ-ਕਣਕਵਾਲ ਸੜਕ ਦੇ ਨਿਰਮਾਣ ਕਾਰਜ ਦਾ ਉਦਘਾਟਨ ਕਰਦੇ ਹੋਏ ਅਧਿਕਾਰੀ ਤੇ ਪਤਵੰਤੇ।
ਐਚਐਮਈਐਲ ਦੇ ਸੀਐਸਆਰ ਫੰਡ ਦੇ ਸਹਿਯੋਗ ਨਾਲ ਲੋਕ ਨਿਰਮਾਣ ਵਿਭਾਗ ਵੱਲੋਂ ਫੁੱਲੋਖਾਰੀ-ਕਣਕਵਾਲ ਸੜਕ ਦਾ ਨਿਰਮਾਣ ਕਾਰਜ ਸ਼ੁਰੂ ਕਰ ਦਿੱਤਾ ਗਿਆ ਹੈ। ਇਸ ਸੜਕ ਦੇ ਬਣਨ ਨਾਲ ਇਲਾਕੇ ਦੇ ਦਰਜਨਾਂ ਪਿੰਡਾਂ ਦੇ ਲੋਕਾਂ ਨੂੰ ਵੱਡੀ ਰਾਹਤ ਮਿਲੇਗੀ। ਅਧਿਕਾਰੀਆਂ ਨੇ ਦੱਸਿਆ ਕਿ ਕੰਮ ਨਿਰਧਾਰਤ ਸਮੇਂ ਵਿੱਚ ਮੁਕੰਮਲ ਕੀਤਾ ਜਾਵੇਗਾ ਅਤੇ ਗੁਣਵੱਤਾ ਨਾਲ ਕੋਈ ਸਮਝੌਤਾ ਨਹੀਂ ਕੀਤਾ ਜਾਵੇਗਾ। ਪਿੰਡ ਵਾਸੀਆਂ ਨੇ ਇਸ ਕਾਰਜ ਲਈ ਵਿਭਾਗ ਦਾ ਧੰਨਵਾਦ ਕੀਤਾ।
ਐਚਐਮਈਐਲ ਦੇ ਸੀਐਸਆਰ ਫੰਡ ਦੇ ਸਹਿਯੋਗ ਨਾਲ ਲੋਕ ਨਿਰਮਾਣ ਵਿਭਾਗ ਵੱਲੋਂ ਫੁੱਲੋਖਾਰੀ-ਕਣਕਵਾਲ ਸੜਕ ਦਾ ਨਿਰਮਾਣ ਕਾਰਜ ਸ਼ੁਰੂ ਕਰ ਦਿੱਤਾ ਗਿਆ ਹੈ। ਇਸ ਸੜਕ ਦੇ ਬਣਨ ਨਾਲ ਇਲਾਕੇ ਦੇ ਦਰਜਨਾਂ ਪਿੰਡਾਂ ਦੇ ਲੋਕਾਂ ਨੂੰ ਵੱਡੀ ਰਾਹਤ ਮਿਲੇਗੀ। ਅਧਿਕਾਰੀਆਂ ਨੇ ਦੱਸਿਆ ਕਿ ਕੰਮ ਨਿਰਧਾਰਤ ਸਮੇਂ ਵਿੱਚ ਮੁਕੰਮਲ ਕੀਤਾ ਜਾਵੇਗਾ ਅਤੇ ਗੁਣਵੱਤਾ ਨਾਲ ਕੋਈ ਸਮਝੌਤਾ ਨਹੀਂ ਕੀਤਾ ਜਾਵੇਗਾ। ਪਿੰਡ ਵਾਸੀਆਂ ਨੇ ਇਸ ਕਾਰਜ ਲਈ ਵਿਭਾਗ ਦਾ ਧੰਨਵਾਦ ਕੀਤਾ।
ਐਚਐਮਈਐਲ ਦੇ ਸੀਐਸਆਰ ਫੰਡ ਦੇ ਸਹਿਯੋਗ ਨਾਲ ਲੋਕ ਨਿਰਮਾਣ ਵਿਭਾਗ ਵੱਲੋਂ ਫੁੱਲੋਖਾਰੀ-ਕਣਕਵਾਲ ਸੜਕ ਦਾ ਨਿਰਮਾਣ ਕਾਰਜ ਸ਼ੁਰੂ ਕਰ ਦਿੱਤਾ ਗਿਆ ਹੈ। ਇਸ ਸੜਕ ਦੇ ਬਣਨ ਨਾਲ ਇਲਾਕੇ ਦੇ ਦਰਜਨਾਂ ਪਿੰਡਾਂ ਦੇ ਲੋਕਾਂ ਨੂੰ ਵੱਡੀ ਰਾਹਤ ਮਿਲੇਗੀ। ਅਧਿਕਾਰੀਆਂ ਨੇ ਦੱਸਿਆ ਕਿ ਕੰਮ ਨਿਰਧਾਰਤ ਸਮੇਂ ਵਿੱਚ ਮੁਕੰਮਲ ਕੀਤਾ ਜਾਵੇਗਾ ਅਤੇ ਗੁਣਵੱਤਾ ਨਾਲ ਕੋਈ ਸਮਝੌਤਾ ਨਹੀਂ ਕੀਤਾ ਜਾਵੇਗਾ। ਪਿੰਡ ਵਾਸੀਆਂ ਨੇ ਇਸ ਕਾਰਜ ਲਈ ਵਿਭਾਗ ਦਾ ਧੰਨਵਾਦ ਕੀਤਾ।
ਐਚਐਮਈਐਲ ਦੇ ਸੀਐਸਆਰ ਫੰਡ ਦੇ ਸਹਿਯੋਗ ਨਾਲ ਲੋਕ ਨਿਰਮਾਣ ਵਿਭਾਗ ਵੱਲੋਂ ਫੁੱਲੋਖਾਰੀ-ਕਣਕਵਾਲ ਸੜਕ ਦਾ ਨਿਰਮਾਣ ਕਾਰਜ ਸ਼ੁਰੂ ਕਰ ਦਿੱਤਾ ਗਿਆ ਹੈ। ਇਸ ਸੜਕ ਦੇ ਬਣਨ ਨਾਲ ਇਲਾਕੇ ਦੇ ਦਰਜਨਾਂ ਪਿੰਡਾਂ ਦੇ ਲੋਕਾਂ ਨੂੰ ਵੱਡੀ ਰਾਹਤ ਮਿਲੇਗੀ। ਅਧਿਕਾਰੀਆਂ ਨੇ ਦੱਸਿਆ ਕਿ ਕੰਮ ਨਿਰਧਾਰਤ ਸਮੇਂ ਵਿੱਚ ਮੁਕੰਮਲ ਕੀਤਾ ਜਾਵੇਗਾ ਅਤੇ ਗੁਣਵੱਤਾ ਨਾਲ ਕੋਈ ਸਮਝੌਤਾ ਨਹੀਂ ਕੀਤਾ ਜਾਵੇਗਾ। ਪਿੰਡ ਵਾਸੀਆਂ ਨੇ ਇਸ ਕਾਰਜ ਲਈ ਵਿਭਾਗ ਦਾ ਧੰਨਵਾਦ ਕੀਤਾ।
ਪਿੰਡ ਮੁੱਲਾਂਪੁਰ ਵਿੱਚ ਪੁਹੰਚੀ "ਯੁੱਧ ਨਸ਼ਿਆਂ ਵਿਰੁੱਧ ਦੀ ਯਾਤਰਾ"
ਡਾ. ਕੋਗਾ ਨੇ ਪਿੰਡ ਮੁੱਲਾਂਪੁਰ ਅੰਦਰ ਨਸ਼ਾ ਵੇਚਣ ਵਾਲਿਆਂ ਨੂੰ ਦਿੱਤੀ ਸਖ਼ਤ ਚੇਤਾਵਨੀ
ਮੁੱਲਾਂਪੁਰ ਵਿਖੇ ਯੁੱਧ ਨਸ਼ਿਆਂ ਵਿਰੁੱਧ ਯਾਤਰਾ ਦੌਰਾਨ ਹਾਜ਼ਰ ਪਤਵੰਤੇ ਤੇ ਪਿੰਡ ਵਾਸੀ।
ਮੁੱਲਾਂਪੁਰ, 4 ਜੂਨ (ਨਿਊਜ਼ ਟਾਊਨ)
ਪੰਜਾਬ ਸਰਕਾਰ ਵੱਲੋਂ ਚਲਾਈ ਜਾ ਰਹੀ ਮੁਹਿੰਮ ਯੁੱਧ ਨਸ਼ਿਆਂ ਵਿਰੁੱਧ ਤਹਿਤ ਯਾਤਰਾ ਪਿੰਡ ਮੁੱਲਾਂਪੁਰ ਪੁੱਜੀ। ਇਸ ਮੌਕੇ ਡਾ. ਕੋਗਾ ਨੇ ਕਿਹਾ ਕਿ ਨਸ਼ਾ ਵੇਚਣ ਵਾਲਿਆਂ ਖ਼ਿਲਾਫ਼ ਸਖ਼ਤ ਕਾਰਵਾਈ ਕੀਤੀ ਜਾਵੇਗੀ ਅਤੇ ਨੌਜਵਾਨਾਂ ਨੂੰ ਨਸ਼ਿਆਂ ਤੋਂ ਦੂਰ ਰਹਿਣ ਦੀ ਅਪੀਲ ਕੀਤੀ। ਉਨ੍ਹਾਂ ਕਿਹਾ ਕਿ ਪਿੰਡ ਪੱਧਰ ਤੇ ਕਮੇਟੀਆਂ ਬਣਾਈਆਂ ਜਾ ਰਹੀਆਂ ਹਨ ਜੋ ਨਸ਼ਾ ਤਸਕਰਾਂ ਦੀ ਸੂਚਨਾ ਪੁਲਿਸ ਨੂੰ ਦੇਣਗੀਆਂ। ਪਿੰਡ ਵਾਸੀਆਂ ਨੇ ਨਸ਼ਿਆਂ ਵਿਰੁੱਧ ਲੜਾਈ ਵਿੱਚ ਪੂਰਾ ਸਾਥ ਦੇਣ ਦਾ ਭਰੋਸਾ ਦਿੱਤਾ।
ਪੰਜਾਬ ਸਰਕਾਰ ਵੱਲੋਂ ਚਲਾਈ ਜਾ ਰਹੀ ਮੁਹਿੰਮ ਯੁੱਧ ਨਸ਼ਿਆਂ ਵਿਰੁੱਧ ਤਹਿਤ ਯਾਤਰਾ ਪਿੰਡ ਮੁੱਲਾਂਪੁਰ ਪੁੱਜੀ। ਇਸ ਮੌਕੇ ਡਾ. ਕੋਗਾ ਨੇ ਕਿਹਾ ਕਿ ਨਸ਼ਾ ਵੇਚਣ ਵਾਲਿਆਂ ਖ਼ਿਲਾਫ਼ ਸਖ਼ਤ ਕਾਰਵਾਈ ਕੀਤੀ ਜਾਵੇਗੀ ਅਤੇ ਨੌਜਵਾਨਾਂ ਨੂੰ ਨਸ਼ਿਆਂ ਤੋਂ ਦੂਰ ਰਹਿਣ ਦੀ ਅਪੀਲ ਕੀਤੀ। ਉਨ੍ਹਾਂ ਕਿਹਾ ਕਿ ਪਿੰਡ ਪੱਧਰ ਤੇ ਕਮੇਟੀਆਂ ਬਣਾਈਆਂ ਜਾ ਰਹੀਆਂ ਹਨ ਜੋ ਨਸ਼ਾ ਤਸਕਰਾਂ ਦੀ ਸੂਚਨਾ ਪੁਲਿਸ ਨੂੰ ਦੇਣਗੀਆਂ। ਪਿੰਡ ਵਾਸੀਆਂ ਨੇ ਨਸ਼ਿਆਂ ਵਿਰੁੱਧ ਲੜਾਈ ਵਿੱਚ ਪੂਰਾ ਸਾਥ ਦੇਣ ਦਾ ਭਰੋਸਾ ਦਿੱਤਾ।
ਪੰਜਾਬ ਸਰਕਾਰ ਵੱਲੋਂ ਚਲਾਈ ਜਾ ਰਹੀ ਮੁਹਿੰਮ ਯੁੱਧ ਨਸ਼ਿਆਂ ਵਿਰੁੱਧ ਤਹਿਤ ਯਾਤਰਾ ਪਿੰਡ ਮੁੱਲਾਂਪੁਰ ਪੁੱਜੀ। ਇਸ ਮੌਕੇ ਡਾ. ਕੋਗਾ ਨੇ ਕਿਹਾ ਕਿ ਨਸ਼ਾ ਵੇਚਣ ਵਾਲਿਆਂ ਖ਼ਿਲਾਫ਼ ਸਖ਼ਤ ਕਾਰਵਾਈ ਕੀਤੀ ਜਾਵੇਗੀ ਅਤੇ ਨੌਜਵਾਨਾਂ ਨੂੰ ਨਸ਼ਿਆਂ ਤੋਂ ਦੂਰ ਰਹਿਣ ਦੀ ਅਪੀਲ ਕੀਤੀ। ਉਨ੍ਹਾਂ ਕਿਹਾ ਕਿ ਪਿੰਡ ਪੱਧਰ ਤੇ ਕਮੇਟੀਆਂ ਬਣਾਈਆਂ ਜਾ ਰਹੀਆਂ ਹਨ ਜੋ ਨਸ਼ਾ ਤਸਕਰਾਂ ਦੀ ਸੂਚਨਾ ਪੁਲਿਸ ਨੂੰ ਦੇਣਗੀਆਂ। ਪਿੰਡ ਵਾਸੀਆਂ ਨੇ ਨਸ਼ਿਆਂ ਵਿਰੁੱਧ ਲੜਾਈ ਵਿੱਚ ਪੂਰਾ ਸਾਥ ਦੇਣ ਦਾ ਭਰੋਸਾ ਦਿੱਤਾ।
ਸਰਬ ਨੌਜਵਾਨ ਸਭਾ ਦੇ ਸਹਿਯੋਗ ਸਦਕਾ ਕਰਵਾਏ ਜਾ ਰਹੇ ਕੋਰਸਾਂ ਨੇ ਸੈਂਕੜੇ ਲੜਕੀਆਂ ਨੂੰ ਆਤਮ ਨਿਰਭਰ ਬਣਾਇਆ - ਡੀ.ਕੇ. ਵਰਮਾ
ਪ੍ਰਾਈਵੇਟ ਸਕੂਲ ਦੇ ਪ੍ਰੀ-ਪ੍ਰਾਇਮਰੀ ਵਿੰਗ ਤੇ ਨਿੱਜੀ ਪਲੇਅ-ਵੇਅ ਸਕੂਲਾਂ ਦੀ ਰਜਿਸਟ੍ਰੇਸ਼ਨ ਲਾਜ਼ਮੀ - ਜ਼ਿਲ੍ਹਾ ਪ੍ਰੋਗਰਾਮ ਅਫਸਰ
3-6 ਸਾਲ ਦੇ ਬੱਚਿਆਂ ਨਾਲ ਸਬੰਧਤ ਵਿਭਾਗ ਦੀਆਂ ਹਦਾਇਤਾਂ ਦੀ ਪਾਲਣਾ ਕਰਨਾ ਜ਼ਰੂਰੀ
ਵੋਕੇਸ਼ਨਲ ਸੈਂਟਰ 'ਚ ਬਜ਼ੁਰਗਾਂ ਅਤੇ ਬੱਚਿਆਂ ਦੀ ਸਾਂਭ ਸੰਭਾਲ ਦੀ ਪ੍ਰੈਕਟੀਕਲ ਟਰੇਨਿੰਗ ਵੀ ਦਿੱਤੀ ਜਾਂਦੀ ਹੈ - ਸੁਖਵਿੰਦਰ
ਫਤਿਹਗੜ੍ਹ ਸਾਹਿਬ, 4 ਜੂਨ (ਨਿਊਜ਼ ਟਾਊਨ)
ਸਰਬ ਨੌਜਵਾਨ ਸਭਾ ਦੇ ਸਹਿਯੋਗ ਨਾਲ ਚਲਾਏ ਜਾ ਰਹੇ ਵੋਕੇਸ਼ਨਲ ਕੋਰਸਾਂ ਨੇ ਸੈਂਕੜੇ ਲੜਕੀਆਂ ਨੂੰ ਆਤਮ ਨਿਰਭਰ ਬਣਾਇਆ ਹੈ। ਡੀ.ਕੇ. ਵਰਮਾ ਨੇ ਦੱਸਿਆ ਕਿ ਸੈਂਟਰ ਵਿੱਚ ਸਿਲਾਈ ਕਢਾਈ, ਬਿਊਟੀ ਪਾਰਲਰ, ਕੰਪਿਊਟਰ ਅਤੇ ਹੋਰ ਕੋਰਸ ਕਰਵਾਏ ਜਾਂਦੇ ਹਨ। ਸੁਖਵਿੰਦਰ ਨੇ ਕਿਹਾ ਕਿ ਬਜ਼ੁਰਗਾਂ ਅਤੇ ਬੱਚਿਆਂ ਦੀ ਸਾਂਭ ਸੰਭਾਲ ਦੀ ਪ੍ਰੈਕਟੀਕਲ ਟਰੇਨਿੰਗ ਵੀ ਦਿੱਤੀ ਜਾਂਦੀ ਹੈ ਤਾਂ ਜੋ ਲੜਕੀਆਂ ਰੁਜ਼ਗਾਰ ਹਾਸਲ ਕਰ ਸਕਣ। ਸਿਖਲਾਈ ਪੂਰੀ ਕਰਨ ਵਾਲੀਆਂ ਲੜਕੀਆਂ ਨੂੰ ਸਰਟੀਫਿਕੇਟ ਦਿੱਤੇ ਜਾਂਦੇ ਹਨ।
ਸਰਬ ਨੌਜਵਾਨ ਸਭਾ ਦੇ ਸਹਿਯੋਗ ਨਾਲ ਚਲਾਏ ਜਾ ਰਹੇ ਵੋਕੇਸ਼ਨਲ ਕੋਰਸਾਂ ਨੇ ਸੈਂਕੜੇ ਲੜਕੀਆਂ ਨੂੰ ਆਤਮ ਨਿਰਭਰ ਬਣਾਇਆ ਹੈ। ਡੀ.ਕੇ. ਵਰਮਾ ਨੇ ਦੱਸਿਆ ਕਿ ਸੈਂਟਰ ਵਿੱਚ ਸਿਲਾਈ ਕਢਾਈ, ਬਿਊਟੀ ਪਾਰਲਰ, ਕੰਪਿਊਟਰ ਅਤੇ ਹੋਰ ਕੋਰਸ ਕਰਵਾਏ ਜਾਂਦੇ ਹਨ। ਸੁਖਵਿੰਦਰ ਨੇ ਕਿਹਾ ਕਿ ਬਜ਼ੁਰਗਾਂ ਅਤੇ ਬੱਚਿਆਂ ਦੀ ਸਾਂਭ ਸੰਭਾਲ ਦੀ ਪ੍ਰੈਕਟੀਕਲ ਟਰੇਨਿੰਗ ਵੀ ਦਿੱਤੀ ਜਾਂਦੀ ਹੈ ਤਾਂ ਜੋ ਲੜਕੀਆਂ ਰੁਜ਼ਗਾਰ ਹਾਸਲ ਕਰ ਸਕਣ। ਸਿਖਲਾਈ ਪੂਰੀ ਕਰਨ ਵਾਲੀਆਂ ਲੜਕੀਆਂ ਨੂੰ ਸਰਟੀਫਿਕੇਟ ਦਿੱਤੇ ਜਾਂਦੇ ਹਨ।
ਵੋਕੇਸ਼ਨਲ ਸੈਂਟਰ ਵਿਖੇ ਸਿਖਲਾਈ ਲੈ ਰਹੀਆਂ ਲੜਕੀਆਂ ਨਾਲ ਡੀ.ਕੇ. ਵਰਮਾ ਤੇ ਹੋਰ ਮੈਂਬਰ।
ਸਰਬ ਨੌਜਵਾਨ ਸਭਾ ਦੇ ਸਹਿਯੋਗ ਨਾਲ ਚਲਾਏ ਜਾ ਰਹੇ ਵੋਕੇਸ਼ਨਲ ਕੋਰਸਾਂ ਨੇ ਸੈਂਕੜੇ ਲੜਕੀਆਂ ਨੂੰ ਆਤਮ ਨਿਰਭਰ ਬਣਾਇਆ ਹੈ। ਡੀ.ਕੇ. ਵਰਮਾ ਨੇ ਦੱਸਿਆ ਕਿ ਸੈਂਟਰ ਵਿੱਚ ਸਿਲਾਈ ਕਢਾਈ, ਬਿਊਟੀ ਪਾਰਲਰ, ਕੰਪਿਊਟਰ ਅਤੇ ਹੋਰ ਕੋਰਸ ਕਰਵਾਏ ਜਾਂਦੇ ਹਨ। ਸੁਖਵਿੰਦਰ ਨੇ ਕਿਹਾ ਕਿ ਬਜ਼ੁਰਗਾਂ ਅਤੇ ਬੱਚਿਆਂ ਦੀ ਸਾਂਭ ਸੰਭਾਲ ਦੀ ਪ੍ਰੈਕਟੀਕਲ ਟਰੇਨਿੰਗ ਵੀ ਦਿੱਤੀ ਜਾਂਦੀ ਹੈ ਤਾਂ ਜੋ ਲੜਕੀਆਂ ਰੁਜ਼ਗਾਰ ਹਾਸਲ ਕਰ ਸਕਣ। ਸਿਖਲਾਈ ਪੂਰੀ ਕਰਨ ਵਾਲੀਆਂ ਲੜਕੀਆਂ ਨੂੰ ਸਰਟੀਫਿਕੇਟ ਦਿੱਤੇ ਜਾਂਦੇ ਹਨ।
ਸਰਬ ਨੌਜਵਾਨ ਸਭਾ ਦੇ ਸਹਿਯੋਗ ਨਾਲ ਚਲਾਏ ਜਾ ਰਹੇ ਵੋਕੇਸ਼ਨਲ ਕੋਰਸਾਂ ਨੇ ਸੈਂਕੜੇ ਲੜਕੀਆਂ ਨੂੰ ਆਤਮ ਨਿਰਭਰ ਬਣਾਇਆ ਹੈ। ਡੀ.ਕੇ. ਵਰਮਾ ਨੇ ਦੱਸਿਆ ਕਿ ਸੈਂਟਰ ਵਿੱਚ ਸਿਲਾਈ ਕਢਾਈ, ਬਿਊਟੀ ਪਾਰਲਰ, ਕੰਪਿਊਟਰ ਅਤੇ ਹੋਰ ਕੋਰਸ ਕਰਵਾਏ ਜਾਂਦੇ ਹਨ। ਸੁਖਵਿੰਦਰ ਨੇ ਕਿਹਾ ਕਿ ਬਜ਼ੁਰਗਾਂ ਅਤੇ ਬੱਚਿਆਂ ਦੀ ਸਾਂਭ ਸੰਭਾਲ ਦੀ ਪ੍ਰੈਕਟੀਕਲ ਟਰੇਨਿੰਗ ਵੀ ਦਿੱਤੀ ਜਾਂਦੀ ਹੈ ਤਾਂ ਜੋ ਲੜਕੀਆਂ ਰੁਜ਼ਗਾਰ ਹਾਸਲ ਕਰ ਸਕਣ। ਸਿਖਲਾਈ ਪੂਰੀ ਕਰਨ ਵਾਲੀਆਂ ਲੜਕੀਆਂ ਨੂੰ ਸਰਟੀਫਿਕੇਟ ਦਿੱਤੇ ਜਾਂਦੇ ਹਨ।
ਮੀਟਿੰਗ ਦੌਰਾਨ ਸਕੂਲ ਮੁਖੀਆਂ ਨੂੰ ਸੰਬੋਧਨ ਕਰਦੇ ਹੋਏ ਜ਼ਿਲ੍ਹਾ ਪ੍ਰੋਗਰਾਮ ਅਫਸਰ।
ਫਤਿਹਗੜ੍ਹ ਸਾਹਿਬ, 4 ਜੂਨ (ਨਿਊਜ਼ ਟਾਊਨ)
ਜ਼ਿਲ੍ਹਾ ਪ੍ਰੋਗਰਾਮ ਅਫਸਰ ਨੇ ਦੱਸਿਆ ਕਿ ਪ੍ਰਾਈਵੇਟ ਸਕੂਲਾਂ ਦੇ ਪ੍ਰੀ-ਪ੍ਰਾਇਮਰੀ ਵਿੰਗ ਅਤੇ ਨਿੱਜੀ ਪਲੇਅ-ਵੇਅ ਸਕੂਲਾਂ ਦੀ ਰਜਿਸਟ੍ਰੇਸ਼ਨ ਕਰਵਾਉਣੀ ਲਾਜ਼ਮੀ ਹੈ। ਉਨ੍ਹਾਂ ਕਿਹਾ ਕਿ 3 ਤੋਂ 6 ਸਾਲ ਦੇ ਬੱਚਿਆਂ ਲਈ ਚਲਾਏ ਜਾ ਰਹੇ ਕੇਂਦਰਾਂ ਨੂੰ ਵਿਭਾਗ ਦੀਆਂ ਹਦਾਇਤਾਂ ਦੀ ਪਾਲਣਾ ਕਰਨੀ ਪਵੇਗੀ। ਰਜਿਸਟ੍ਰੇਸ਼ਨ ਨਾ ਕਰਵਾਉਣ ਵਾਲੇ ਅਦਾਰਿਆਂ ਖ਼ਿਲਾਫ਼ ਬਣਦੀ ਕਾਰਵਾਈ ਕੀਤੀ ਜਾਵੇਗੀ। ਮੀਟਿੰਗ ਵਿੱਚ ਵੱਡੀ ਗਿਣਤੀ ਸਕੂਲ ਮੁਖੀ ਹਾਜ਼ਰ ਸਨ।
ਜ਼ਿਲ੍ਹਾ ਪ੍ਰੋਗਰਾਮ ਅਫਸਰ ਨੇ ਦੱਸਿਆ ਕਿ ਪ੍ਰਾਈਵੇਟ ਸਕੂਲਾਂ ਦੇ ਪ੍ਰੀ-ਪ੍ਰਾਇਮਰੀ ਵਿੰਗ ਅਤੇ ਨਿੱਜੀ ਪਲੇਅ-ਵੇਅ ਸਕੂਲਾਂ ਦੀ ਰਜਿਸਟ੍ਰੇਸ਼ਨ ਕਰਵਾਉਣੀ ਲਾਜ਼ਮੀ ਹੈ। ਉਨ੍ਹਾਂ ਕਿਹਾ ਕਿ 3 ਤੋਂ 6 ਸਾਲ ਦੇ ਬੱਚਿਆਂ ਲਈ ਚਲਾਏ ਜਾ ਰਹੇ ਕੇਂਦਰਾਂ ਨੂੰ ਵਿਭਾਗ ਦੀਆਂ ਹਦਾਇਤਾਂ ਦੀ ਪਾਲਣਾ ਕਰਨੀ ਪਵੇਗੀ। ਰਜਿਸਟ੍ਰੇਸ਼ਨ ਨਾ ਕਰਵਾਉਣ ਵਾਲੇ ਅਦਾਰਿਆਂ ਖ਼ਿਲਾਫ਼ ਬਣਦੀ ਕਾਰਵਾਈ ਕੀਤੀ ਜਾਵੇਗੀ। ਮੀਟਿੰਗ ਵਿੱਚ ਵੱਡੀ ਗਿਣਤੀ ਸਕੂਲ ਮੁਖੀ ਹਾਜ਼ਰ ਸਨ।
ਜ਼ਿਲ੍ਹਾ ਪ੍ਰੋਗਰਾਮ ਅਫਸਰ ਨੇ ਦੱਸਿਆ ਕਿ ਪ੍ਰਾਈਵੇਟ ਸਕੂਲਾਂ ਦੇ ਪ੍ਰੀ-ਪ੍ਰਾਇਮਰੀ ਵਿੰਗ ਅਤੇ ਨਿੱਜੀ ਪਲੇਅ-ਵੇਅ ਸਕੂਲਾਂ ਦੀ ਰਜਿਸਟ੍ਰੇਸ਼ਨ ਕਰਵਾਉਣੀ ਲਾਜ਼ਮੀ ਹੈ। ਉਨ੍ਹਾਂ ਕਿਹਾ ਕਿ 3 ਤੋਂ 6 ਸਾਲ ਦੇ ਬੱਚਿਆਂ ਲਈ ਚਲਾਏ ਜਾ ਰਹੇ ਕੇਂਦਰਾਂ ਨੂੰ ਵਿਭਾਗ ਦੀਆਂ ਹਦਾਇਤਾਂ ਦੀ ਪਾਲਣਾ ਕਰਨੀ ਪਵੇਗੀ। ਰਜਿਸਟ੍ਰੇਸ਼ਨ ਨਾ ਕਰਵਾਉਣ ਵਾਲੇ ਅਦਾਰਿਆਂ ਖ਼ਿਲਾਫ਼ ਬਣਦੀ ਕਾਰਵਾਈ ਕੀਤੀ ਜਾਵੇਗੀ। ਮੀਟਿੰਗ ਵਿੱਚ ਵੱਡੀ ਗਿਣਤੀ ਸਕੂਲ ਮੁਖੀ ਹਾਜ਼ਰ ਸਨ।
